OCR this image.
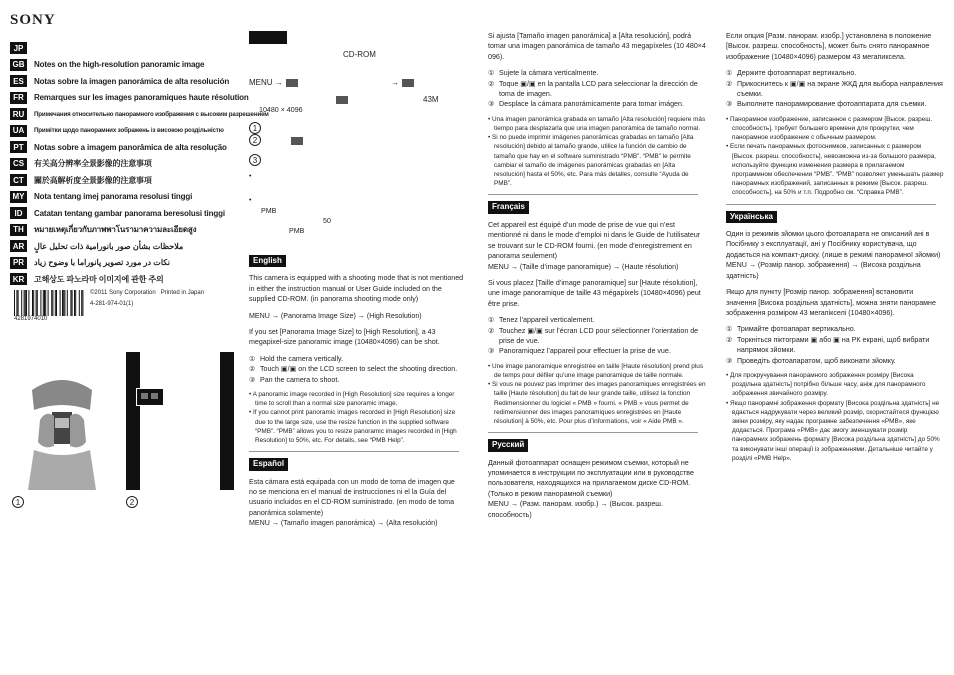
SONY
JP
GB	Notes on the high-resolution panoramic image
ES	Notas sobre la imagen panorámica de alta resolución
FR	Remarques sur les images panoramiques haute résolution
RU	Примечания относительно панорамного изображения с высоким разрешением
UA	Примітки щодо панорамних зображень із високою роздільністю
PT	Notas sobre a imagem panorâmica de alta resolução
CS	有关高分辨率全景影像的注意事项
CT	關於高解析度全景影像的注意事項
MY	Nota tentang imej panorama resolusi tinggi
ID	Catatan tentang gambar panorama beresolusi tinggi
TH	หมายเหตุเกี่ยวกับภาพพาโนรามาความละเอียดสูง
AR	ملاحظات بشأن صور بانورامية ذات تحليل عالٍ
PR	نکات در مورد تصویر پانوراما با وضوح زیاد
KR	고해상도 파노라마 이미지에 관한 주의
4281974010
©2011 Sony Corporation Printed in Japan
4-281-974-01(1)
1	2
CD-ROM
MENU →	→
43M
10480 × 4096
1
2
3
•
•
PMB
50
PMB
English

This camera is equipped with a shooting mode that is not mentioned in either the instruction manual or User Guide included on the supplied CD-ROM. (in panorama shooting mode only)

MENU → (Panorama Image Size) → (High Resolution)

If you set [Panorama Image Size] to [High Resolution], a 43 megapixel-size panoramic image (10480×4096) can be shot.

① Hold the camera vertically.
② Touch ▣/▣ on the LCD screen to select the shooting direction.
③ Pan the camera to shoot.
• A panoramic image recorded in [High Resolution] size requires a longer time to scroll than a normal size panoramic image.
• If you cannot print panoramic images recorded in [High Resolution] size due to the large size, use the resize function in the supplied software “PMB”. “PMB” allows you to resize panoramic images recorded in [High Resolution] to 50%, etc. For details, see “PMB Help”.
Español

Esta cámara está equipada con un modo de toma de imagen que no se menciona en el manual de instrucciones ni el la Guía del usuario incluidos en el CD-ROM suministrado. (en modo de toma panorámica solamente)

MENU → (Tamaño imagen panorámica) → (Alta resolución)

Si ajusta [Tamaño imagen panorámica] a [Alta resolución], podrá tomar una imagen panorámica de tamaño 43 megapíxeles (10 480×4 096).

① Sujete la cámara verticalmente.
② Toque ▣/▣ en la pantalla LCD para seleccionar la dirección de toma de imagen.
③ Desplace la cámara panorámicamente para tomar imágen.
• Una imagen panorámica grabada en tamaño [Alta resolución] requiere más tiempo para desplazarla que una imagen panorámica de tamaño normal.
• Si no puede imprimir imágenes panorámicas grabadas en tamaño [Alta resolución] debido al tamaño grande, utilice la función de cambio de tamaño que hay en el software suministrado “PMB”. “PMB” le permite cambiar el tamaño de imágenes panorámicas grabadas en [Alta resolución] hasta el 50%, etc. Para más detalles, consulte “Ayuda de PMB”.
Français

Cet appareil est équipé d’un mode de prise de vue qui n’est mentionné ni dans le mode d’emploi ni dans le Guide de l’utilisateur se trouvant sur le CD-ROM fourni. (en mode d’enregistrement en panorama seulement)

MENU → (Taille d’image panoramique) → (Haute résolution)

Si vous placez [Taille d’image panoramique] sur [Haute résolution], une image panoramique de taille 43 mégapixels (10480×4096) peut être prise.

① Tenez l’appareil verticalement.
② Touchez ▣/▣ sur l’écran LCD pour sélectionner l’orientation de prise de vue.
③ Panoramiquez l’appareil pour effectuer la prise de vue.
• Une image panoramique enregistrée en taille [Haute résolution] prend plus de temps pour défiler qu’une image panoramique de taille normale.
• Si vous ne pouvez pas imprimer des images panoramiques enregistrées en taille [Haute résolution] du fait de leur grande taille, utilisez la fonction Redimensionner du logiciel « PMB » fourni. « PMB » vous permet de redimensionner des images panoramiques enregistrées en [Haute résolution] à 50%, etc. Pour plus d’informations, voir « Aide PMB ».
Русский

Данный фотоаппарат оснащен режимом съемки, который не упоминается в инструкции по эксплуатации или в руководстве пользователя, находящихся на прилагаемом диске CD-ROM. (Только в режим панорамной съемки)

MENU → (Разм. панорам. изобр.) → (Высок. разреш. способность)

Если опция [Разм. панорам. изобр.] установлена в положение [Высок. разреш. способность], может быть снято панорамное изображение (10480×4096) размером 43 мегапиксела.

① Держите фотоаппарат вертикально.
② Прикоснитесь к ▣/▣ на экране ЖКД для выбора направления съемки.
③ Выполните панорамирование фотоаппарата для съемки.
• Панорамное изображение, записанное с размером [Высок. разреш. способность], требует большего времени для прокрутки, чем панорамное изображение с обычным размером.
• Если печать панорамных фотоснимков, записанных с размером [Высок. разреш. способность], невозможна из-за большого размера, используйте функцию изменения размера в прилагаемом программном обеспечении “PMB”. “PMB” позволяет уменьшать размер панорамных изображений, записанных в режиме [Высок. разреш. способность], на 50% и т.п. Подробно см. “Справка PMB”.
Українська

Один із режимів зйомки цього фотоапарата не описаний ані в Посібнику з експлуатації, ані у Посібнику користувача, що додається на компакт-диску. (лише в режимі панорамної зйомки)

MENU → (Розмір панор. зображення) → (Висока роздільна здатність)

Якщо для пункту [Розмір панор. зображення] встановити значення [Висока роздільна здатність], можна зняти панорамне зображення розміром 43 мегапікселі (10480×4096).

① Тримайте фотоапарат вертикально.
② Торкніться піктограми ▣ або ▣ на РК екрані, щоб вибрати напрямок зйомки.
③ Проведіть фотоапаратом, щоб виконати зйомку.
• Для прокручування панорамного зображення розміру [Висока роздільна здатність] потрібно більше часу, аніж для панорамного зображення звичайного розміру.
• Якщо панорамні зображення формату [Висока роздільна здатність] не вдається надрукувати через великий розмір, скористайтеся функцією зміни розміру, яку надає програмне забезпечення «PMB», яке додається. Програма «PMB» дає змогу зменшувати розмір панорамних зображень формату [Висока роздільна здатність] до 50% та виконувати інші операції із зображеннями. Детальніше читайте у розділі «PMB Help».
